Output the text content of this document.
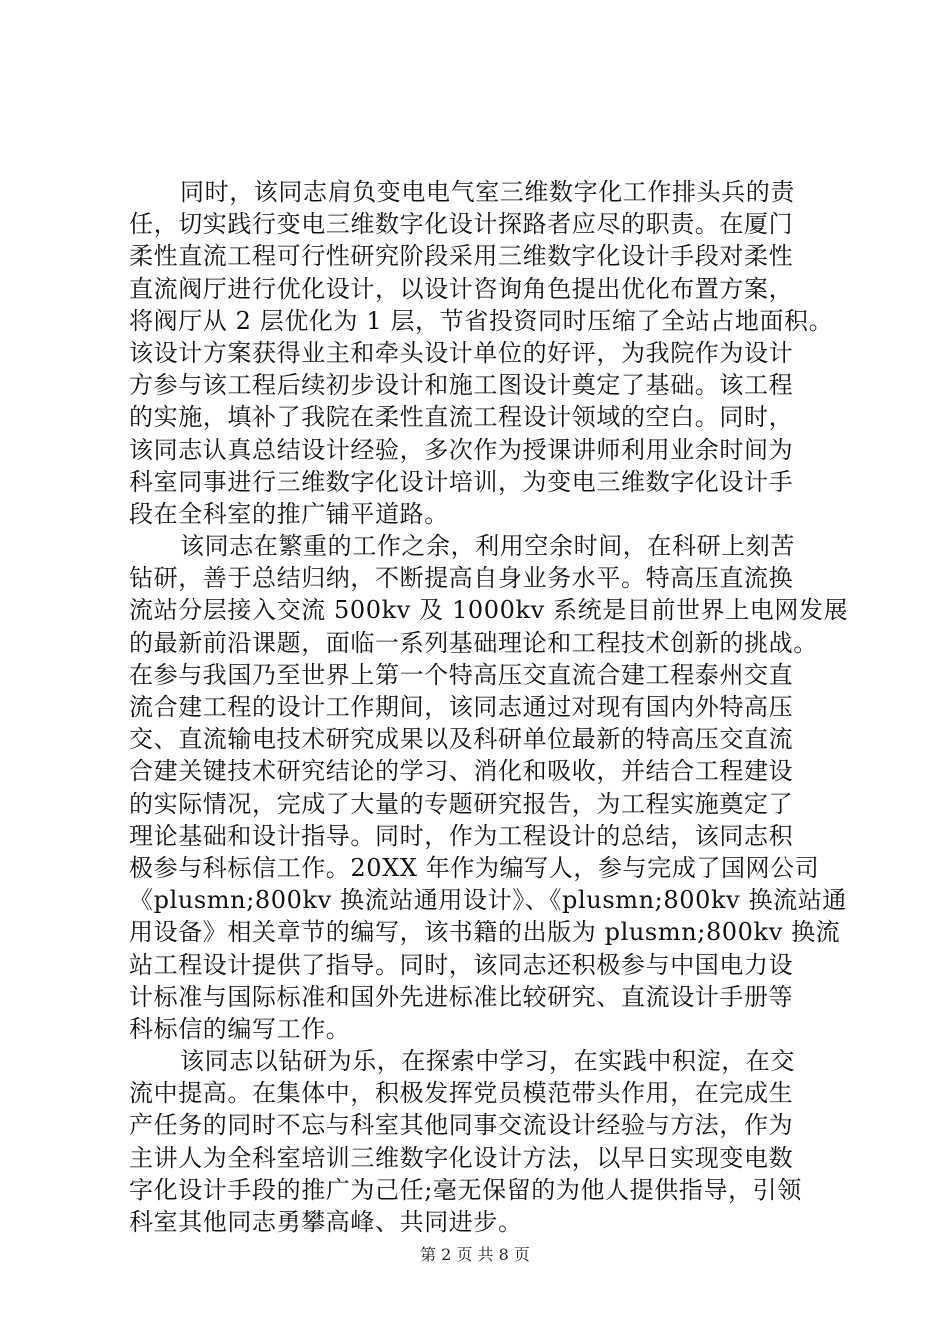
同时，该同志肩负变电电气室三维数字化工作排头兵的责
任，切实践行变电三维数字化设计探路者应尽的职责。在厦门
柔性直流工程可行性研究阶段采用三维数字化设计手段对柔性
直流阀厅进行优化设计，以设计咨询角色提出优化布置方案，
将阀厅从 2 层优化为 1 层，节省投资同时压缩了全站占地面积。
该设计方案获得业主和牵头设计单位的好评，为我院作为设计
方参与该工程后续初步设计和施工图设计奠定了基础。该工程
的实施，填补了我院在柔性直流工程设计领域的空白。同时，
该同志认真总结设计经验，多次作为授课讲师利用业余时间为
科室同事进行三维数字化设计培训，为变电三维数字化设计手
段在全科室的推广铺平道路。
该同志在繁重的工作之余，利用空余时间，在科研上刻苦
钻研，善于总结归纳，不断提高自身业务水平。特高压直流换
流站分层接入交流 500kv 及 1000kv 系统是目前世界上电网发展
的最新前沿课题，面临一系列基础理论和工程技术创新的挑战。
在参与我国乃至世界上第一个特高压交直流合建工程泰州交直
流合建工程的设计工作期间，该同志通过对现有国内外特高压
交、直流输电技术研究成果以及科研单位最新的特高压交直流
合建关键技术研究结论的学习、消化和吸收，并结合工程建设
的实际情况，完成了大量的专题研究报告，为工程实施奠定了
理论基础和设计指导。同时，作为工程设计的总结，该同志积
极参与科标信工作。20XX 年作为编写人，参与完成了国网公司
《plusmn;800kv 换流站通用设计》、《plusmn;800kv 换流站通
用设备》相关章节的编写，该书籍的出版为 plusmn;800kv 换流
站工程设计提供了指导。同时，该同志还积极参与中国电力设
计标准与国际标准和国外先进标准比较研究、直流设计手册等
科标信的编写工作。
该同志以钻研为乐，在探索中学习，在实践中积淀，在交
流中提高。在集体中，积极发挥党员模范带头作用，在完成生
产任务的同时不忘与科室其他同事交流设计经验与方法，作为
主讲人为全科室培训三维数字化设计方法，以早日实现变电数
字化设计手段的推广为己任;毫无保留的为他人提供指导，引领
科室其他同志勇攀高峰、共同进步。
第 2 页 共 8 页
